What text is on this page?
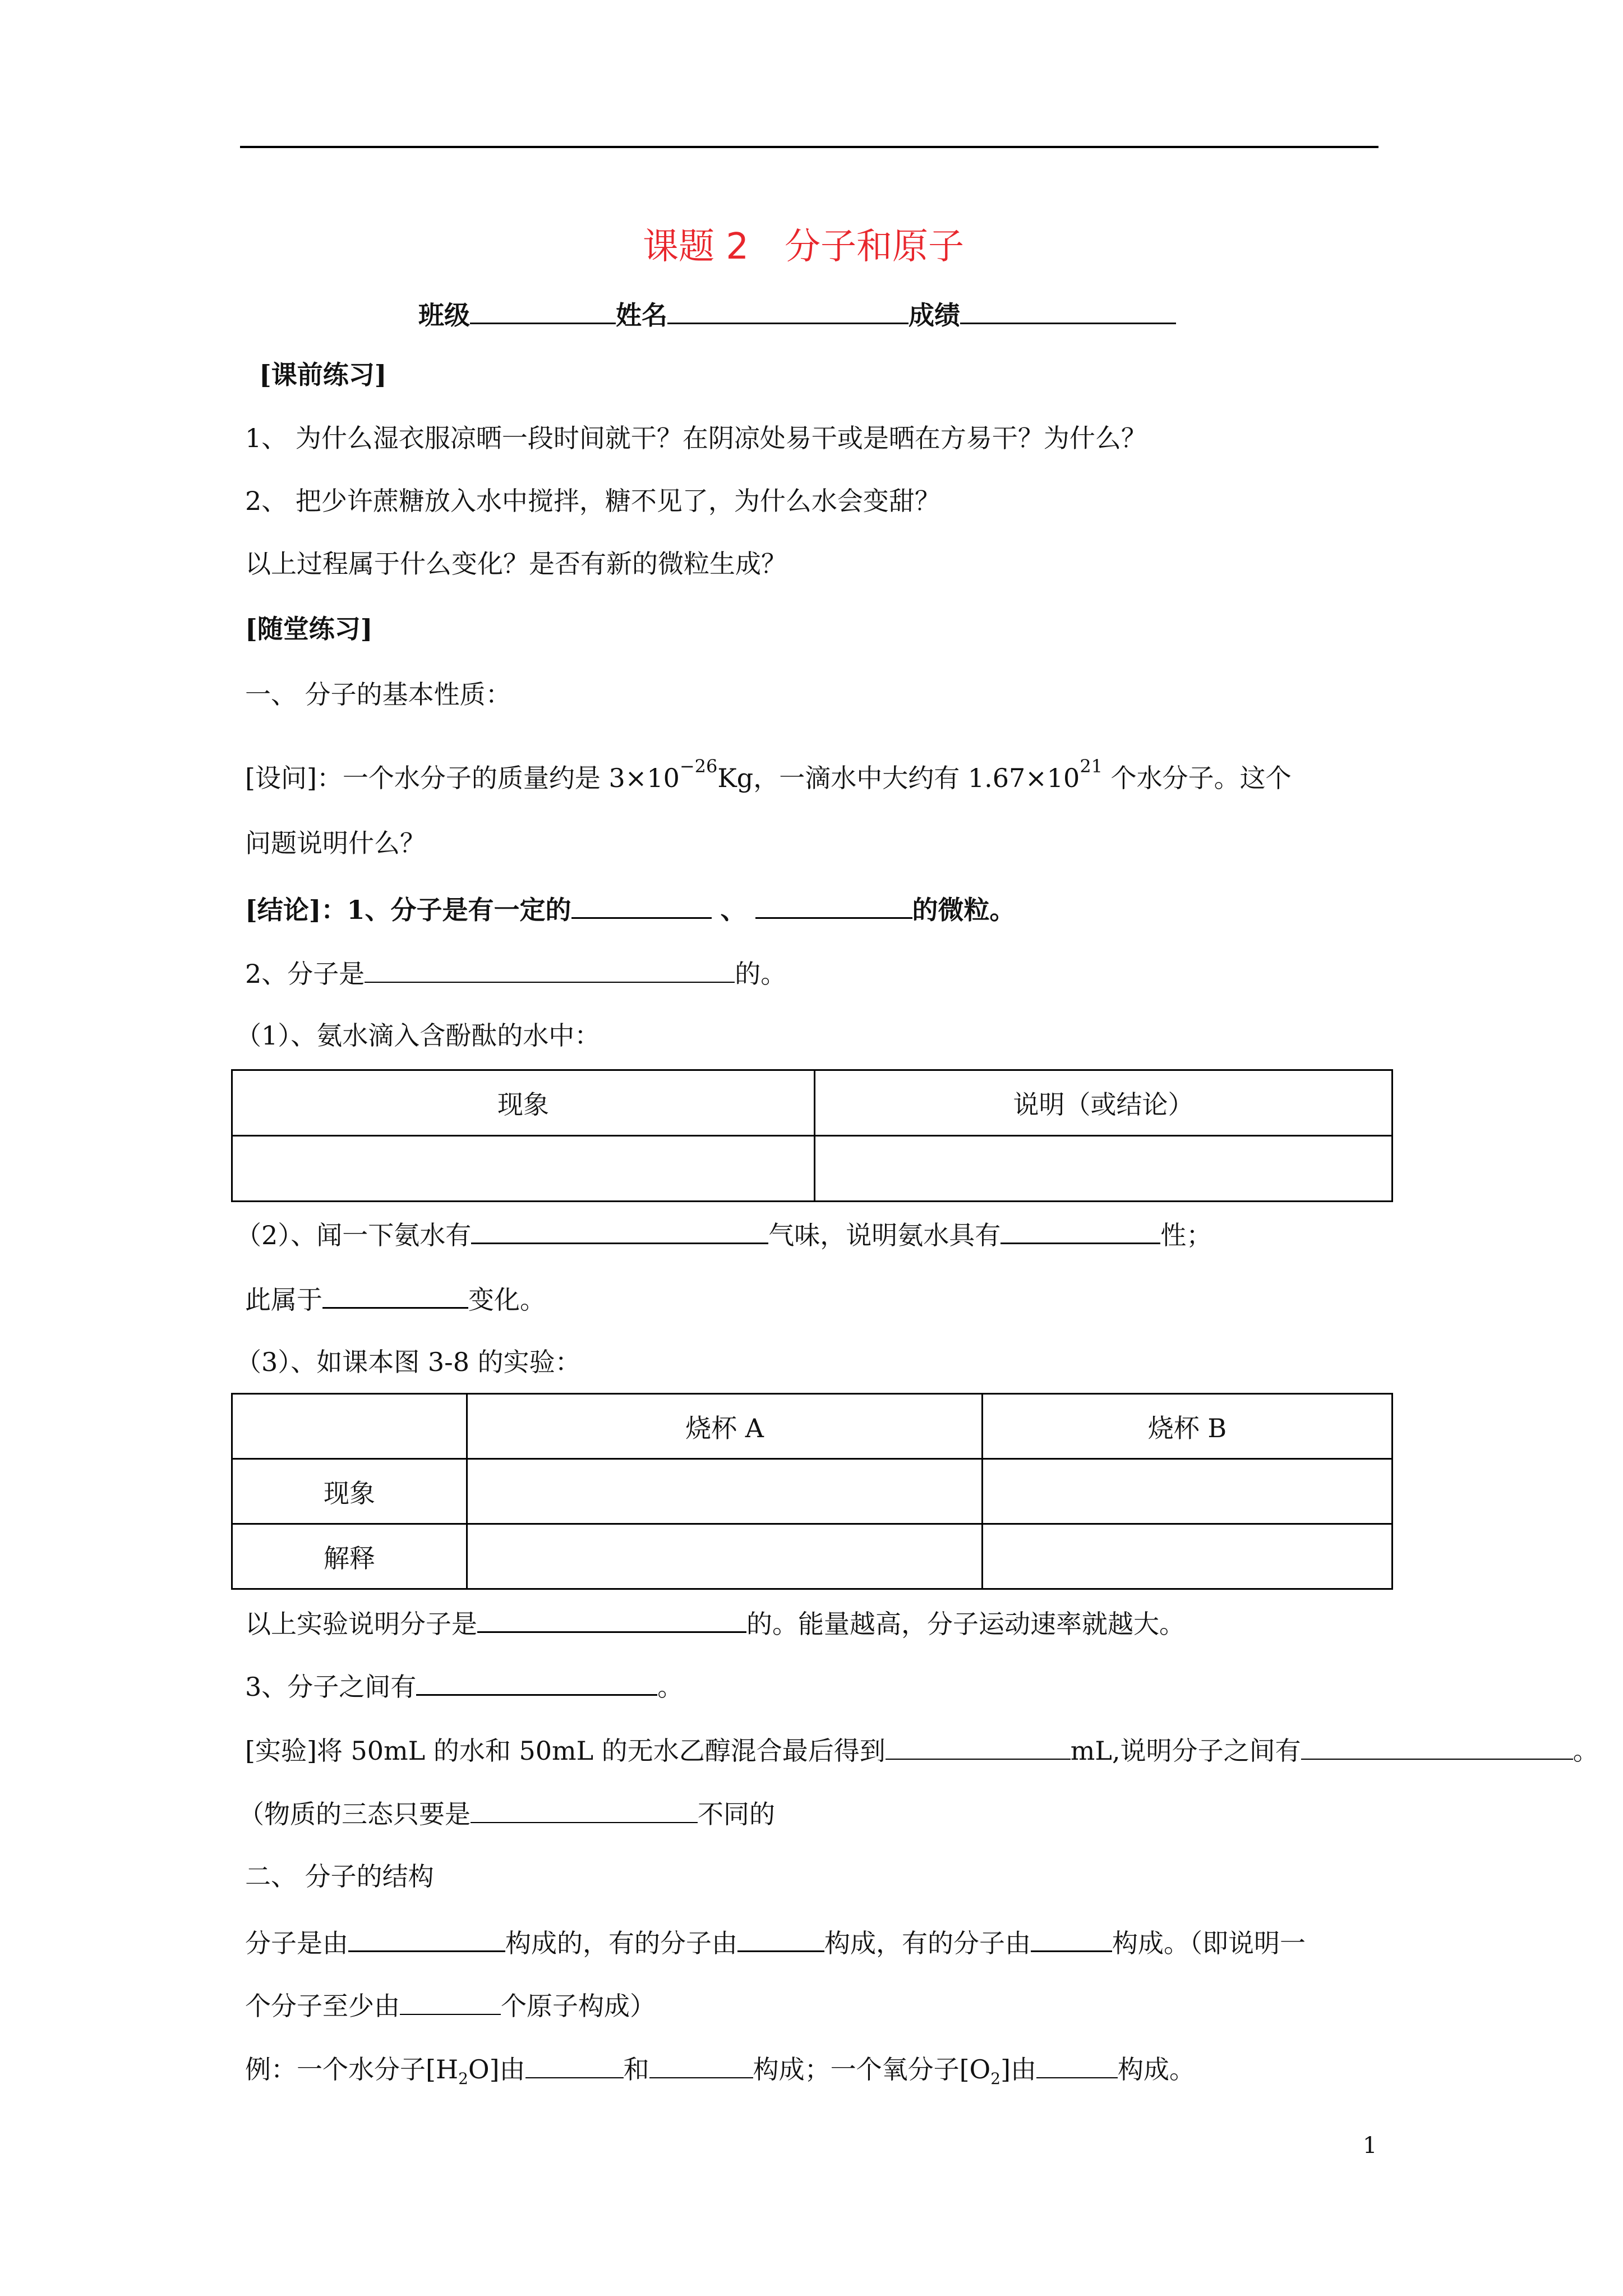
课题 2　分子和原子
班级	姓名	成绩
[课前练习]
1、 为什么湿衣服凉晒一段时间就干？在阴凉处易干或是晒在方易干？为什么？
2、 把少许蔗糖放入水中搅拌，糖不见了，为什么水会变甜？
以上过程属于什么变化？是否有新的微粒生成？
[随堂练习]
一、 分子的基本性质：
[设问]：一个水分子的质量约是 $3\times 10^{-26}Kg$，一滴水中大约有 $1.67\times 10^{21}$ 个水分子。这个
问题说明什么？
[结论]：1、分子是有一定的	、	的微粒。
2、分子是	的。
（1）、氨水滴入含酚酞的水中：
现象	说明（或结论）

（2）、闻一下氨水有	气味，说明氨水具有	性；
此属于	变化。
（3）、如课本图 3-8 的实验：
	烧杯 A	烧杯 B
现象		
解释		
以上实验说明分子是	的。能量越高，分子运动速率就越大。
3、分子之间有	。
[实验]将 50mL 的水和 50mL 的无水乙醇混合最后得到	mL,说明分子之间有	。
（物质的三态只要是	不同的
二、 分子的结构
分子是由	构成的，有的分子由	构成，有的分子由	构成。（即说明一
个分子至少由	个原子构成）
例：一个水分子$[H_2O]$由	和	构成；一个氧分子$[O_2]$由	构成。
1
